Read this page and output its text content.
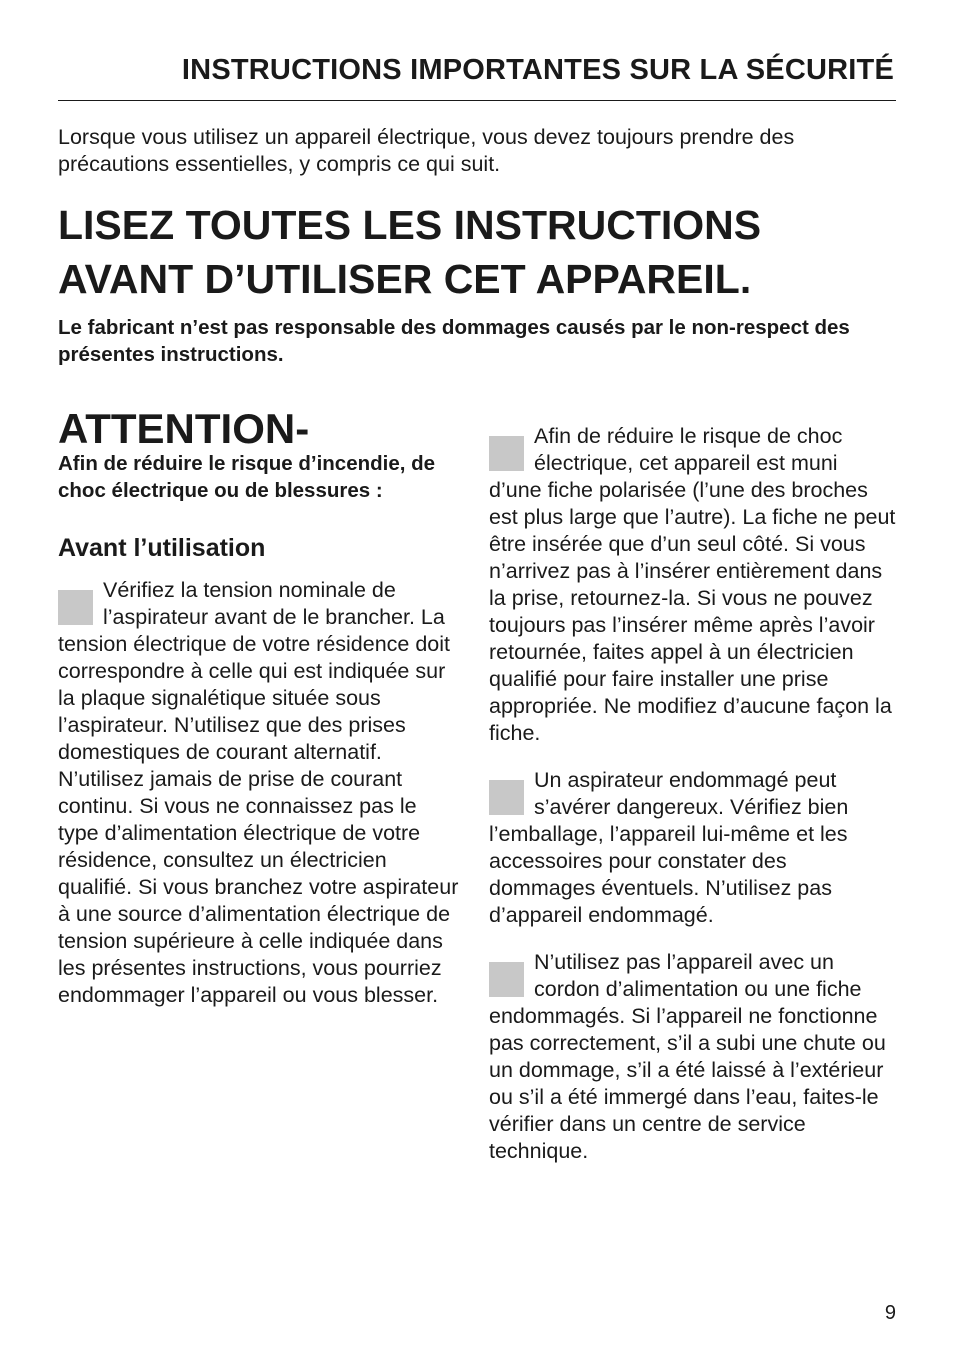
INSTRUCTIONS IMPORTANTES SUR LA SÉCURITÉ
Lorsque vous utilisez un appareil électrique, vous devez toujours prendre des précautions essentielles, y compris ce qui suit.
LISEZ TOUTES LES INSTRUCTIONS
AVANT D’UTILISER CET APPAREIL.
Le fabricant n’est pas responsable des dommages causés par le non-respect des présentes instructions.
ATTENTION-
Afin de réduire le risque d’incendie, de choc électrique ou de blessures :
Avant l’utilisation

Vérifiez la tension nominale de l’aspirateur avant de le brancher. La tension électrique de votre résidence doit correspondre à celle qui est indiquée sur la plaque signalétique située sous l’aspirateur. N’utilisez que des prises domestiques de courant alternatif. N’utilisez jamais de prise de courant continu. Si vous ne connaissez pas le type d’alimentation électrique de votre résidence, consultez un électricien qualifié. Si vous branchez votre aspirateur à une source d’alimentation électrique de tension supérieure à celle indiquée dans les présentes instructions, vous pourriez endommager l’appareil ou vous blesser.

Afin de réduire le risque de choc électrique, cet appareil est muni d’une fiche polarisée (l’une des broches est plus large que l’autre). La fiche ne peut être insérée que d’un seul côté. Si vous n’arrivez pas à l’insérer entièrement dans la prise, retournez-la. Si vous ne pouvez toujours pas l’insérer même après l’avoir retournée, faites appel à un électricien qualifié pour faire installer une prise appropriée. Ne modifiez d’aucune façon la fiche.

Un aspirateur endommagé peut s’avérer dangereux. Vérifiez bien l’emballage, l’appareil lui-même et les accessoires pour constater des dommages éventuels. N’utilisez pas d’appareil endommagé.

N’utilisez pas l’appareil avec un cordon d’alimentation ou une fiche endommagés. Si l’appareil ne fonctionne pas correctement, s’il a subi une chute ou un dommage, s’il a été laissé à l’extérieur ou s’il a été immergé dans l’eau, faites-le vérifier dans un centre de service technique.

9
